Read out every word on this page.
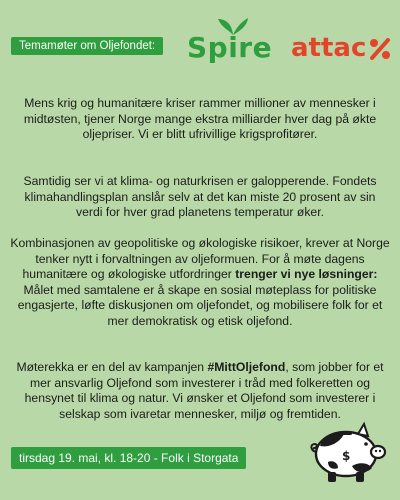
Temamøter om Oljefondet: Spire attac

Mens krig og humanitære kriser rammer millioner av mennesker i midtøsten, tjener Norge mange ekstra milliarder hver dag på økte oljepriser. Vi er blitt ufrivillige krigsprofitører.

Samtidig ser vi at klima- og naturkrisen er galopperende. Fondets klimahandlingsplan anslår selv at det kan miste 20 prosent av sin verdi for hver grad planetens temperatur øker.

Kombinasjonen av geopolitiske og økologiske risikoer, krever at Norge tenker nytt i forvaltningen av oljeformuen. For å møte dagens humanitære og økologiske utfordringer trenger vi nye løsninger:
Målet med samtalene er å skape en sosial møteplass for politiske engasjerte, løfte diskusjonen om oljefondet, og mobilisere folk for et mer demokratisk og etisk oljefond.

Møterekka er en del av kampanjen #MittOljefond, som jobber for et mer ansvarlig Oljefond som investerer i tråd med folkeretten og hensynet til klima og natur. Vi ønsker et Oljefond som investerer i selskap som ivaretar mennesker, miljø og fremtiden.

tirsdag 19. mai, kl. 18-20 - Folk i Storgata	$
